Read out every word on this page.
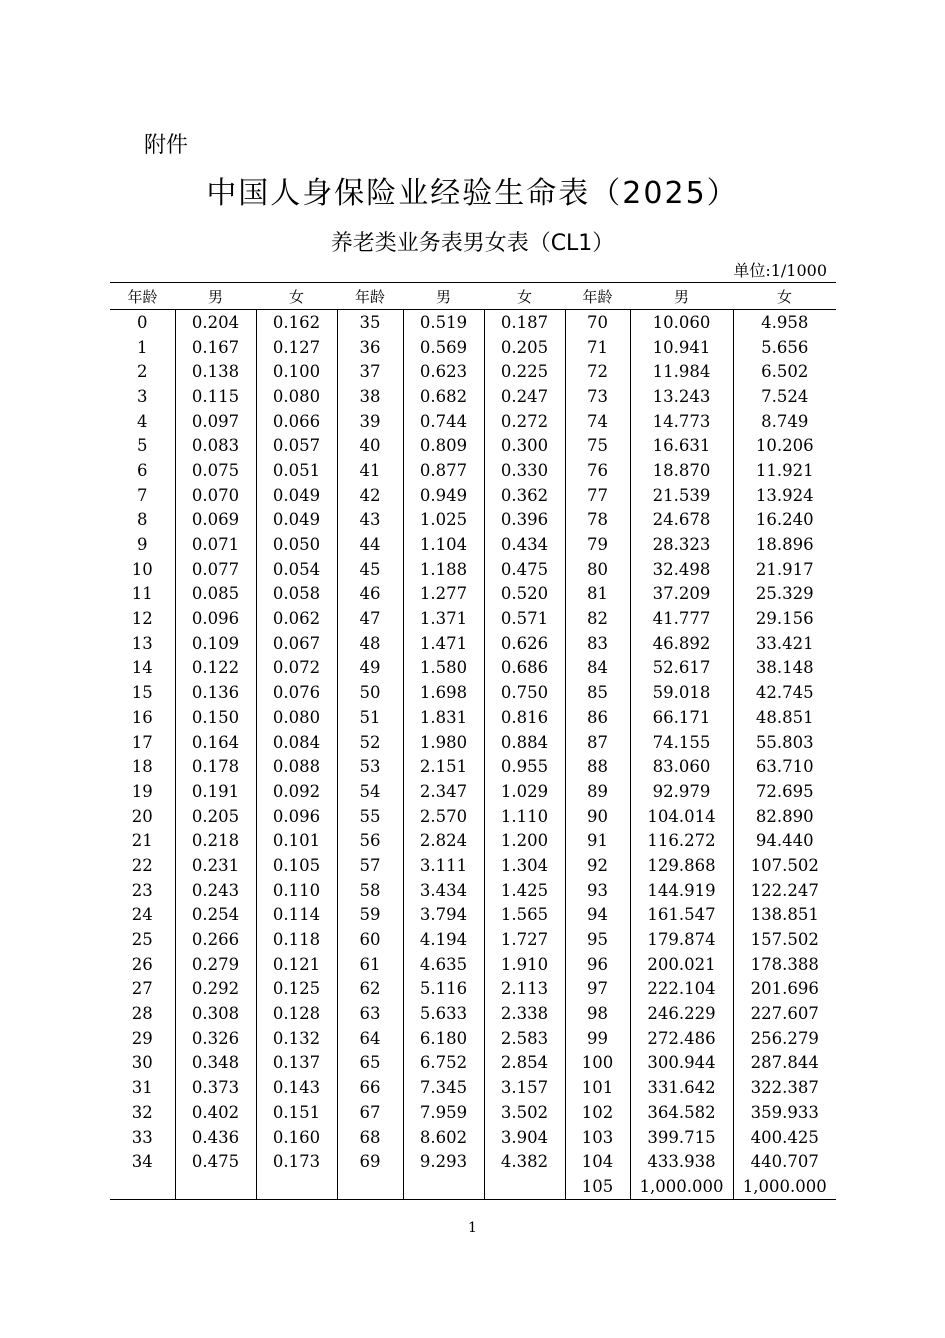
附件
中国人身保险业经验生命表（2025）
养老类业务表男女表（CL1）
单位:1/1000
年龄	男	女	年龄	男	女	年龄	男	女
0	0.204	0.162	35	0.519	0.187	70	10.060	4.958
1	0.167	0.127	36	0.569	0.205	71	10.941	5.656
2	0.138	0.100	37	0.623	0.225	72	11.984	6.502
3	0.115	0.080	38	0.682	0.247	73	13.243	7.524
4	0.097	0.066	39	0.744	0.272	74	14.773	8.749
5	0.083	0.057	40	0.809	0.300	75	16.631	10.206
6	0.075	0.051	41	0.877	0.330	76	18.870	11.921
7	0.070	0.049	42	0.949	0.362	77	21.539	13.924
8	0.069	0.049	43	1.025	0.396	78	24.678	16.240
9	0.071	0.050	44	1.104	0.434	79	28.323	18.896
10	0.077	0.054	45	1.188	0.475	80	32.498	21.917
11	0.085	0.058	46	1.277	0.520	81	37.209	25.329
12	0.096	0.062	47	1.371	0.571	82	41.777	29.156
13	0.109	0.067	48	1.471	0.626	83	46.892	33.421
14	0.122	0.072	49	1.580	0.686	84	52.617	38.148
15	0.136	0.076	50	1.698	0.750	85	59.018	42.745
16	0.150	0.080	51	1.831	0.816	86	66.171	48.851
17	0.164	0.084	52	1.980	0.884	87	74.155	55.803
18	0.178	0.088	53	2.151	0.955	88	83.060	63.710
19	0.191	0.092	54	2.347	1.029	89	92.979	72.695
20	0.205	0.096	55	2.570	1.110	90	104.014	82.890
21	0.218	0.101	56	2.824	1.200	91	116.272	94.440
22	0.231	0.105	57	3.111	1.304	92	129.868	107.502
23	0.243	0.110	58	3.434	1.425	93	144.919	122.247
24	0.254	0.114	59	3.794	1.565	94	161.547	138.851
25	0.266	0.118	60	4.194	1.727	95	179.874	157.502
26	0.279	0.121	61	4.635	1.910	96	200.021	178.388
27	0.292	0.125	62	5.116	2.113	97	222.104	201.696
28	0.308	0.128	63	5.633	2.338	98	246.229	227.607
29	0.326	0.132	64	6.180	2.583	99	272.486	256.279
30	0.348	0.137	65	6.752	2.854	100	300.944	287.844
31	0.373	0.143	66	7.345	3.157	101	331.642	322.387
32	0.402	0.151	67	7.959	3.502	102	364.582	359.933
33	0.436	0.160	68	8.602	3.904	103	399.715	400.425
34	0.475	0.173	69	9.293	4.382	104	433.938	440.707
						105	1,000.000	1,000.000
1
